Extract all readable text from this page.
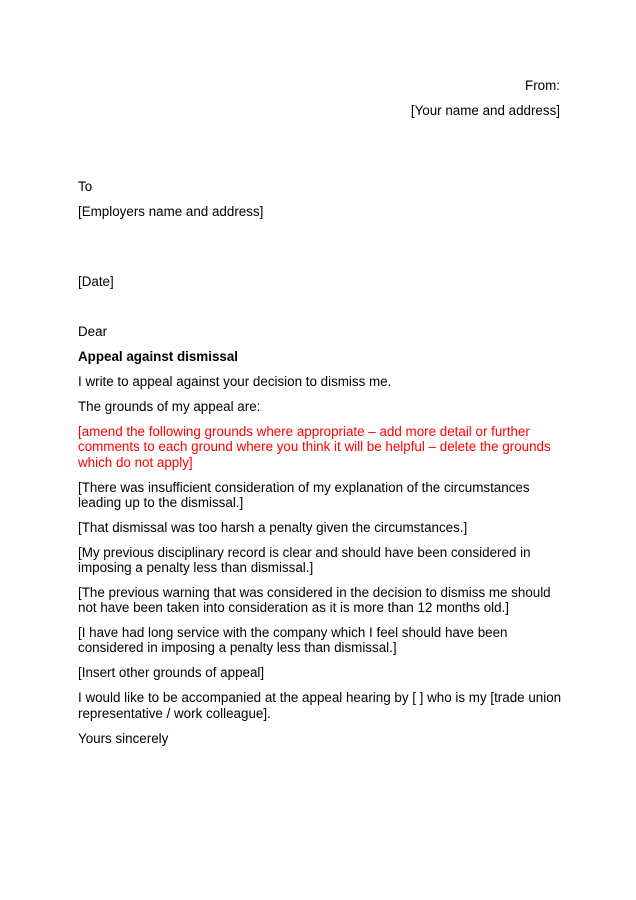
From:

[Your name and address]

To

[Employers name and address]

[Date]

Dear

Appeal against dismissal

I write to appeal against your decision to dismiss me.

The grounds of my appeal are:

[amend the following grounds where appropriate – add more detail or further comments to each ground where you think it will be helpful – delete the grounds which do not apply]

[There was insufficient consideration of my explanation of the circumstances leading up to the dismissal.]

[That dismissal was too harsh a penalty given the circumstances.]

[My previous disciplinary record is clear and should have been considered in imposing a penalty less than dismissal.]

[The previous warning that was considered in the decision to dismiss me should not have been taken into consideration as it is more than 12 months old.]

[I have had long service with the company which I feel should have been considered in imposing a penalty less than dismissal.]

[Insert other grounds of appeal]

I would like to be accompanied at the appeal hearing by [ ] who is my [trade union representative / work colleague].

Yours sincerely
